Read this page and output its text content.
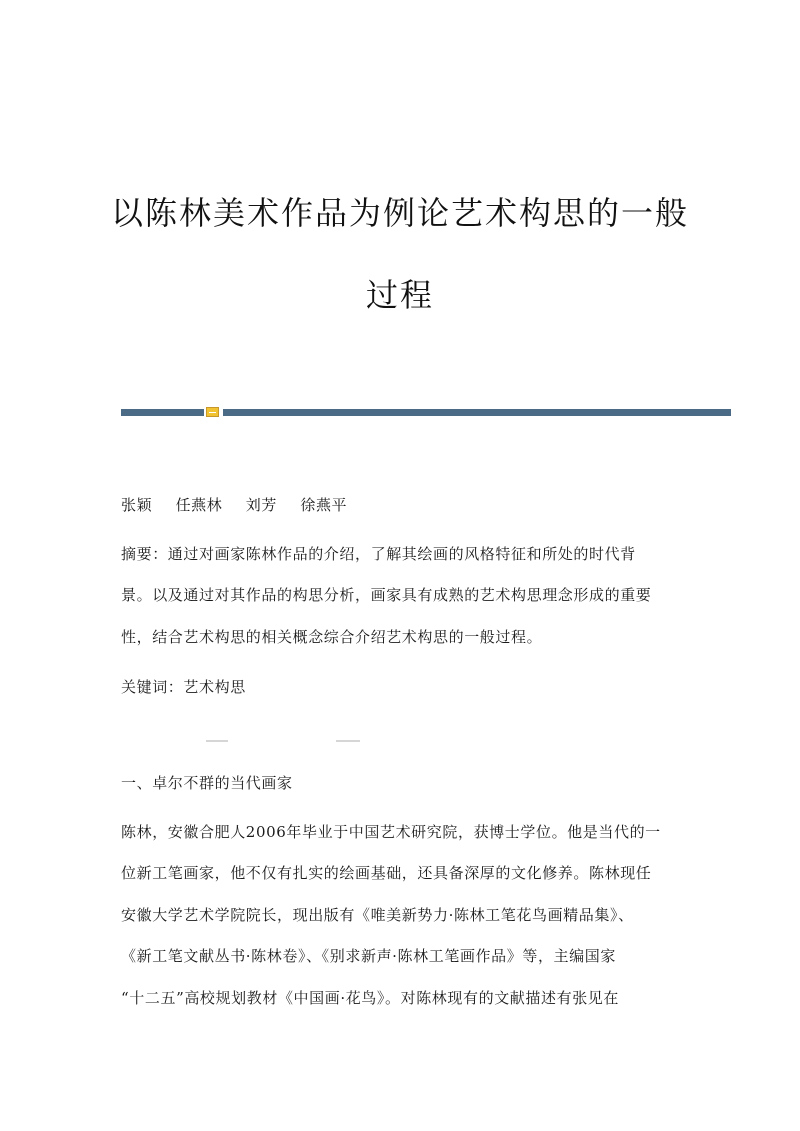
以陈林美术作品为例论艺术构思的一般
过程
张颖 任燕林 刘芳 徐燕平
摘要：通过对画家陈林作品的介绍，了解其绘画的风格特征和所处的时代背
景。以及通过对其作品的构思分析，画家具有成熟的艺术构思理念形成的重要
性，结合艺术构思的相关概念综合介绍艺术构思的一般过程。
关键词：艺术构思
一、卓尔不群的当代画家
陈林，安徽合肥人2006年毕业于中国艺术研究院，获博士学位。他是当代的一
位新工笔画家，他不仅有扎实的绘画基础，还具备深厚的文化修养。陈林现任
安徽大学艺术学院院长，现出版有《唯美新势力·陈林工笔花鸟画精品集》、
《新工笔文献丛书·陈林卷》、《别求新声·陈林工笔画作品》等，主编国家
“十二五”高校规划教材《中国画·花鸟》。对陈林现有的文献描述有张见在
